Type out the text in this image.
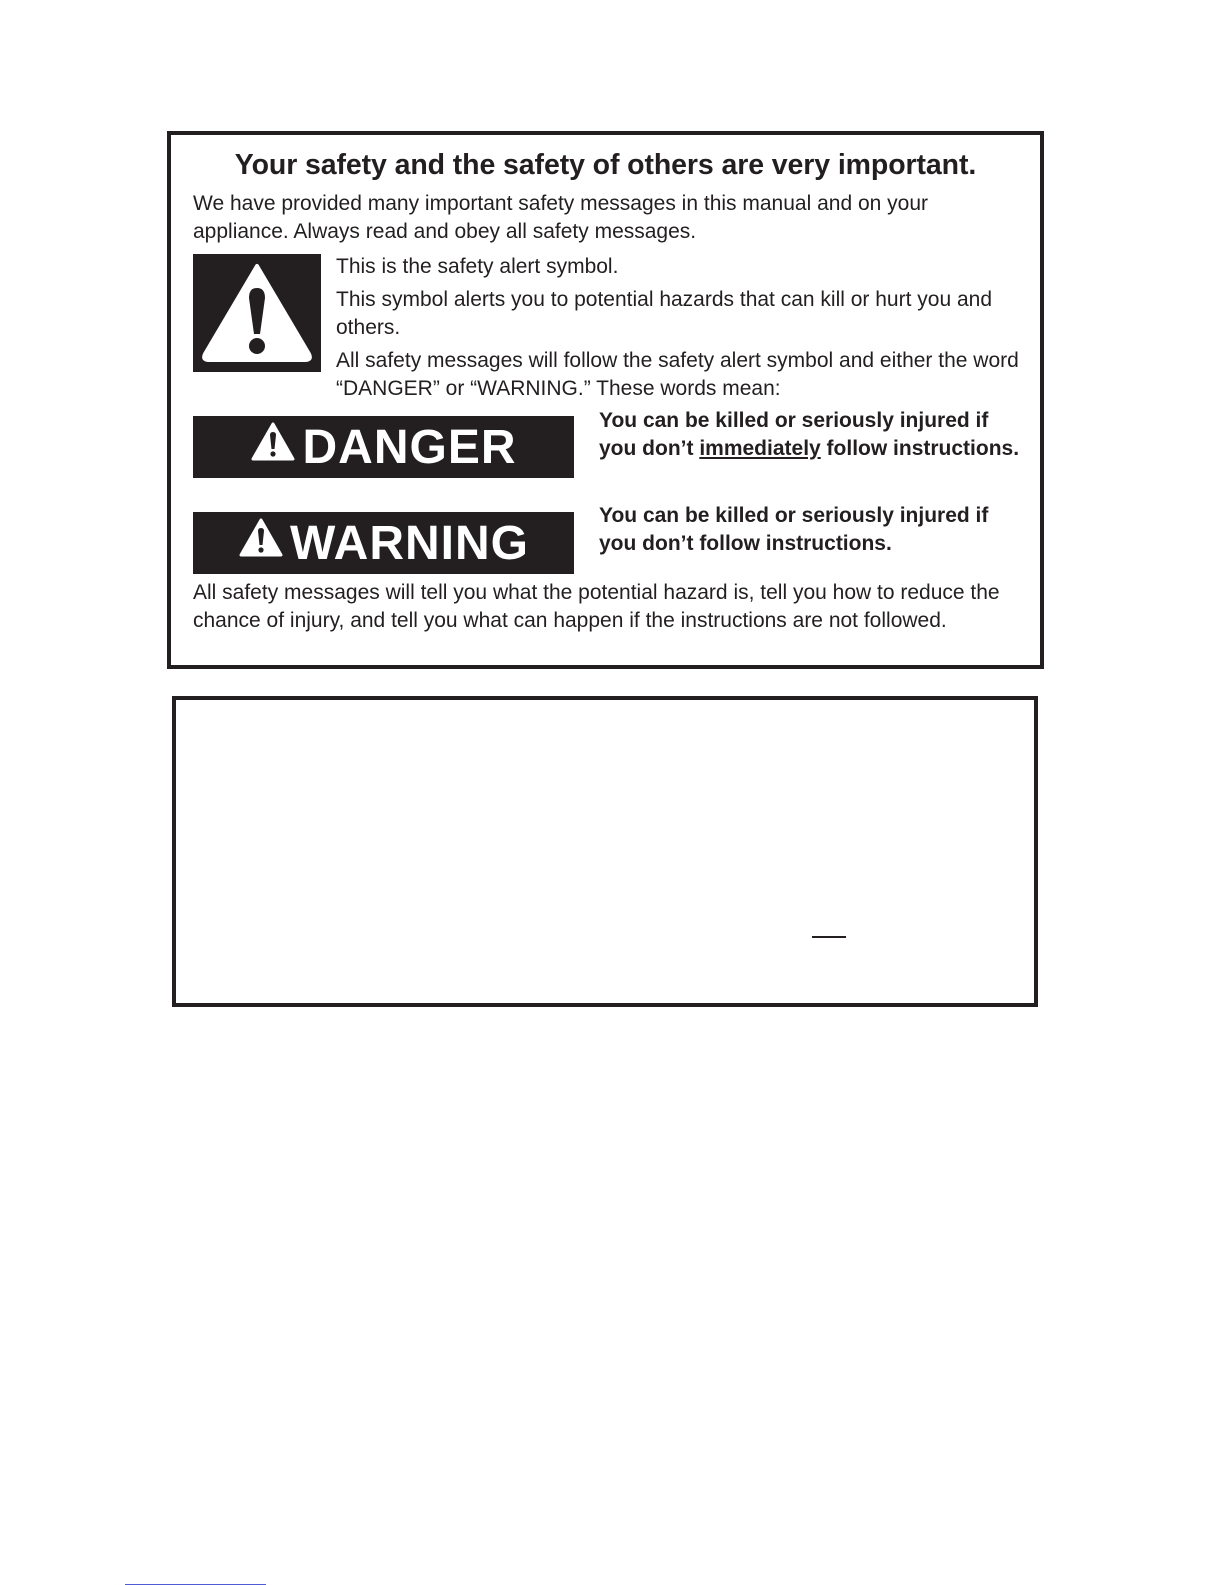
Your safety and the safety of others are very important.

We have provided many important safety messages in this manual and on your appliance. Always read and obey all safety messages.

This is the safety alert symbol.

This symbol alerts you to potential hazards that can kill or hurt you and others.

All safety messages will follow the safety alert symbol and either the word “DANGER” or “WARNING.” These words mean:

DANGER	You can be killed or seriously injured if you don’t immediately follow instructions.

WARNING

You can be killed or seriously injured if you don’t follow instructions.

All safety messages will tell you what the potential hazard is, tell you how to reduce the chance of injury, and tell you what can happen if the instructions are not followed.
